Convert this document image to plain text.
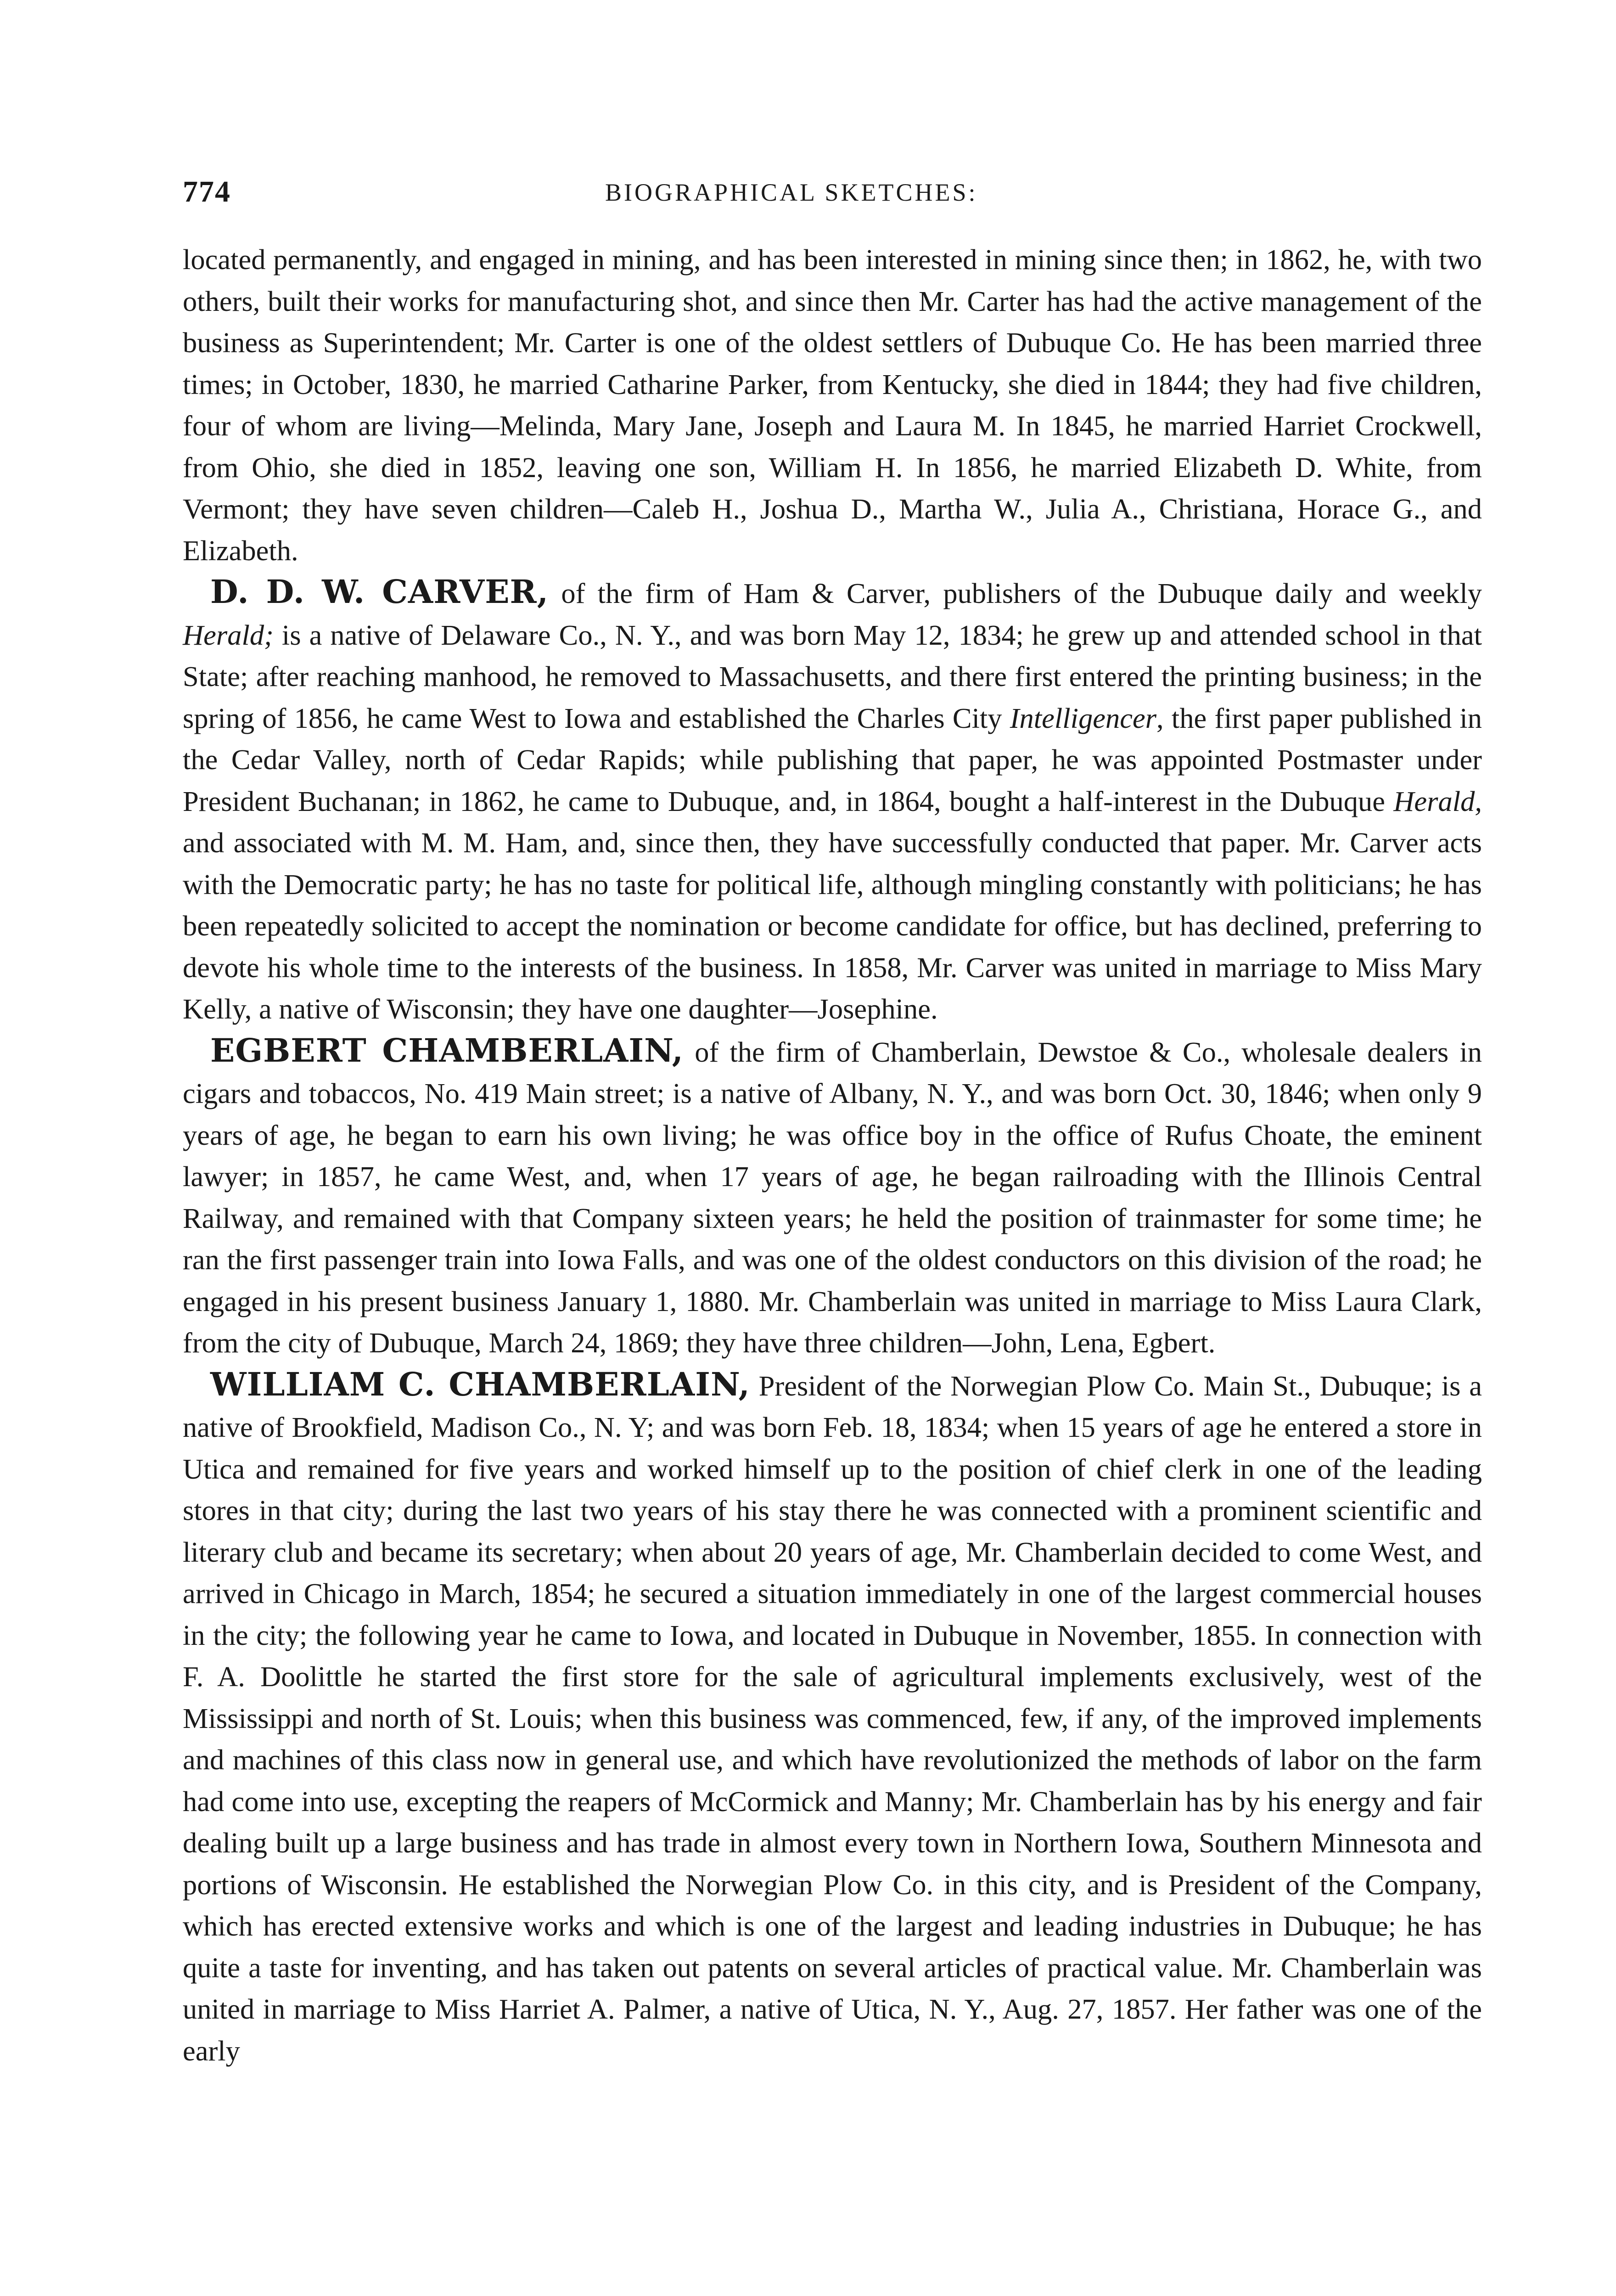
774	BIOGRAPHICAL SKETCHES:

located permanently, and engaged in mining, and has been interested in mining since then; in 1862, he, with two others, built their works for manufacturing shot, and since then Mr. Carter has had the active management of the business as Superintendent; Mr. Carter is one of the oldest settlers of Dubuque Co. He has been married three times; in October, 1830, he married Catharine Parker, from Kentucky, she died in 1844; they had five children, four of whom are living—Melinda, Mary Jane, Joseph and Laura M. In 1845, he married Harriet Crockwell, from Ohio, she died in 1852, leaving one son, William H. In 1856, he married Elizabeth D. White, from Vermont; they have seven children—Caleb H., Joshua D., Martha W., Julia A., Christiana, Horace G., and Elizabeth.

D. D. W. CARVER, of the firm of Ham & Carver, publishers of the Dubuque daily and weekly Herald; is a native of Delaware Co., N. Y., and was born May 12, 1834; he grew up and attended school in that State; after reaching manhood, he removed to Massachusetts, and there first entered the printing business; in the spring of 1856, he came West to Iowa and established the Charles City Intelligencer, the first paper published in the Cedar Valley, north of Cedar Rapids; while publishing that paper, he was appointed Postmaster under President Buchanan; in 1862, he came to Dubuque, and, in 1864, bought a half-interest in the Dubuque Herald, and associated with M. M. Ham, and, since then, they have successfully conducted that paper. Mr. Carver acts with the Democratic party; he has no taste for political life, although mingling constantly with politicians; he has been repeatedly solicited to accept the nomination or become candidate for office, but has declined, preferring to devote his whole time to the interests of the business. In 1858, Mr. Carver was united in marriage to Miss Mary Kelly, a native of Wisconsin; they have one daughter—Josephine.

EGBERT CHAMBERLAIN, of the firm of Chamberlain, Dewstoe & Co., wholesale dealers in cigars and tobaccos, No. 419 Main street; is a native of Albany, N. Y., and was born Oct. 30, 1846; when only 9 years of age, he began to earn his own living; he was office boy in the office of Rufus Choate, the eminent lawyer; in 1857, he came West, and, when 17 years of age, he began railroading with the Illinois Central Railway, and remained with that Company sixteen years; he held the position of trainmaster for some time; he ran the first passenger train into Iowa Falls, and was one of the oldest conductors on this division of the road; he engaged in his present business January 1, 1880. Mr. Chamberlain was united in marriage to Miss Laura Clark, from the city of Dubuque, March 24, 1869; they have three children—John, Lena, Egbert.

WILLIAM C. CHAMBERLAIN, President of the Norwegian Plow Co. Main St., Dubuque; is a native of Brookfield, Madison Co., N. Y; and was born Feb. 18, 1834; when 15 years of age he entered a store in Utica and remained for five years and worked himself up to the position of chief clerk in one of the leading stores in that city; during the last two years of his stay there he was connected with a prominent scientific and literary club and became its secretary; when about 20 years of age, Mr. Chamberlain decided to come West, and arrived in Chicago in March, 1854; he secured a situation immediately in one of the largest commercial houses in the city; the following year he came to Iowa, and located in Dubuque in November, 1855. In connection with F. A. Doolittle he started the first store for the sale of agricultural implements exclusively, west of the Mississippi and north of St. Louis; when this business was commenced, few, if any, of the improved implements and machines of this class now in general use, and which have revolutionized the methods of labor on the farm had come into use, excepting the reapers of McCormick and Manny; Mr. Chamberlain has by his energy and fair dealing built up a large business and has trade in almost every town in Northern Iowa, Southern Minnesota and portions of Wisconsin. He established the Norwegian Plow Co. in this city, and is President of the Company, which has erected extensive works and which is one of the largest and leading industries in Dubuque; he has quite a taste for inventing, and has taken out patents on several articles of practical value. Mr. Chamberlain was united in marriage to Miss Harriet A. Palmer, a native of Utica, N. Y., Aug. 27, 1857. Her father was one of the early
